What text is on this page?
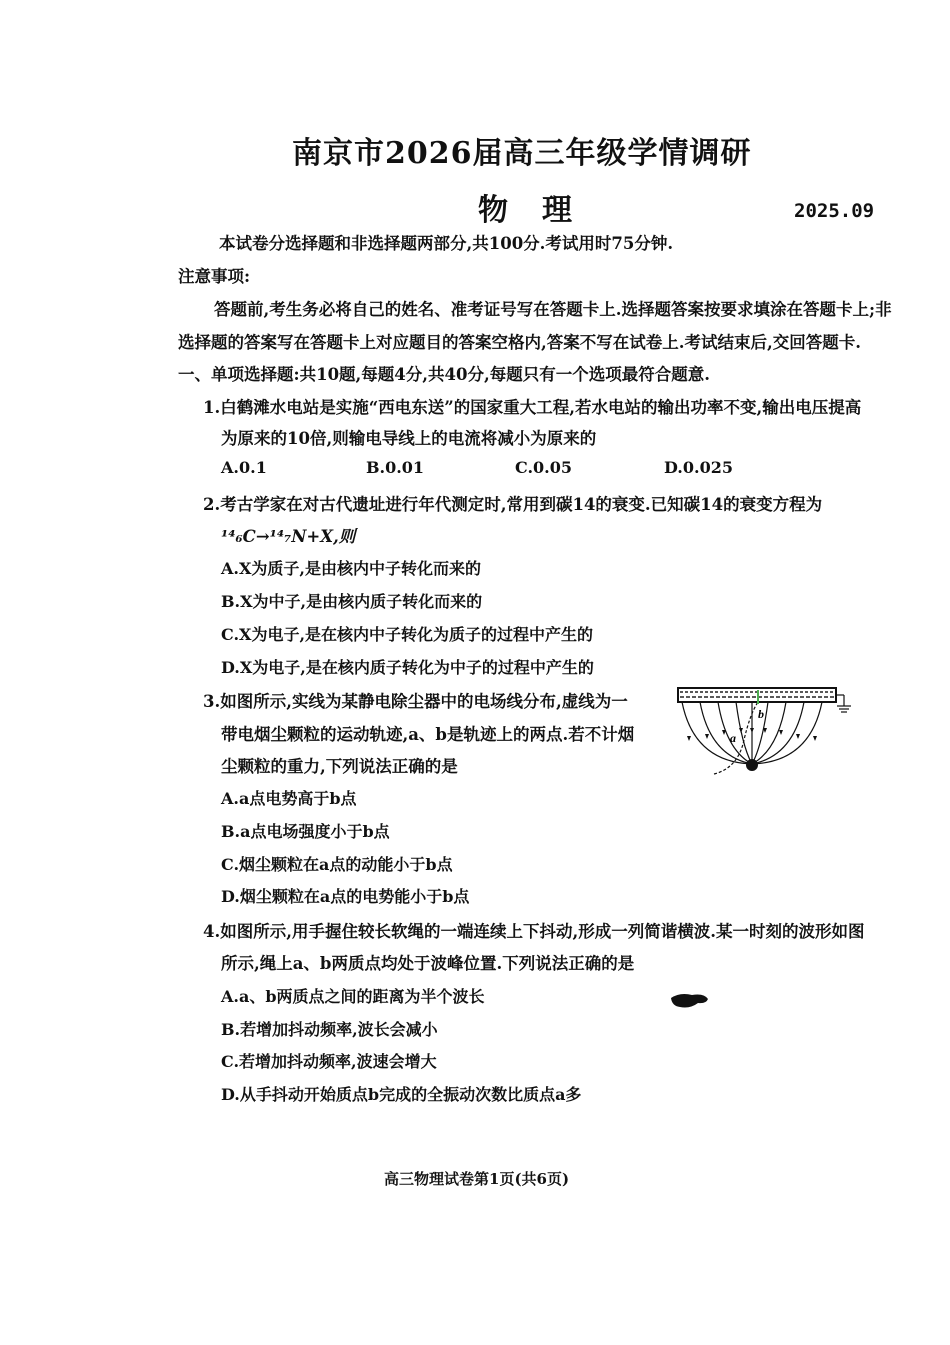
南京市2026届高三年级学情调研
物理	2025.09
本试卷分选择题和非选择题两部分,共100分.考试用时75分钟.
注意事项:
答题前,考生务必将自己的姓名、准考证号写在答题卡上.选择题答案按要求填涂在答题卡上;非
选择题的答案写在答题卡上对应题目的答案空格内,答案不写在试卷上.考试结束后,交回答题卡.
一、单项选择题:共10题,每题4分,共40分,每题只有一个选项最符合题意.
1.白鹤滩水电站是实施“西电东送”的国家重大工程,若水电站的输出功率不变,输出电压提高
为原来的10倍,则输电导线上的电流将减小为原来的
A.0.1	B.0.01	C.0.05	D.0.025
2.考古学家在对古代遗址进行年代测定时,常用到碳14的衰变.已知碳14的衰变方程为
¹⁴₆C→¹⁴₇N+X,则
A.X为质子,是由核内中子转化而来的
B.X为中子,是由核内质子转化而来的
C.X为电子,是在核内中子转化为质子的过程中产生的
D.X为电子,是在核内质子转化为中子的过程中产生的
3.如图所示,实线为某静电除尘器中的电场线分布,虚线为一
带电烟尘颗粒的运动轨迹,a、b是轨迹上的两点.若不计烟
尘颗粒的重力,下列说法正确的是
A.a点电势高于b点
B.a点电场强度小于b点
C.烟尘颗粒在a点的动能小于b点
D.烟尘颗粒在a点的电势能小于b点
a
b
4.如图所示,用手握住较长软绳的一端连续上下抖动,形成一列简谐横波.某一时刻的波形如图
所示,绳上a、b两质点均处于波峰位置.下列说法正确的是
A.a、b两质点之间的距离为半个波长
B.若增加抖动频率,波长会减小
C.若增加抖动频率,波速会增大
D.从手抖动开始质点b完成的全振动次数比质点a多
高三物理试卷第1页(共6页)
